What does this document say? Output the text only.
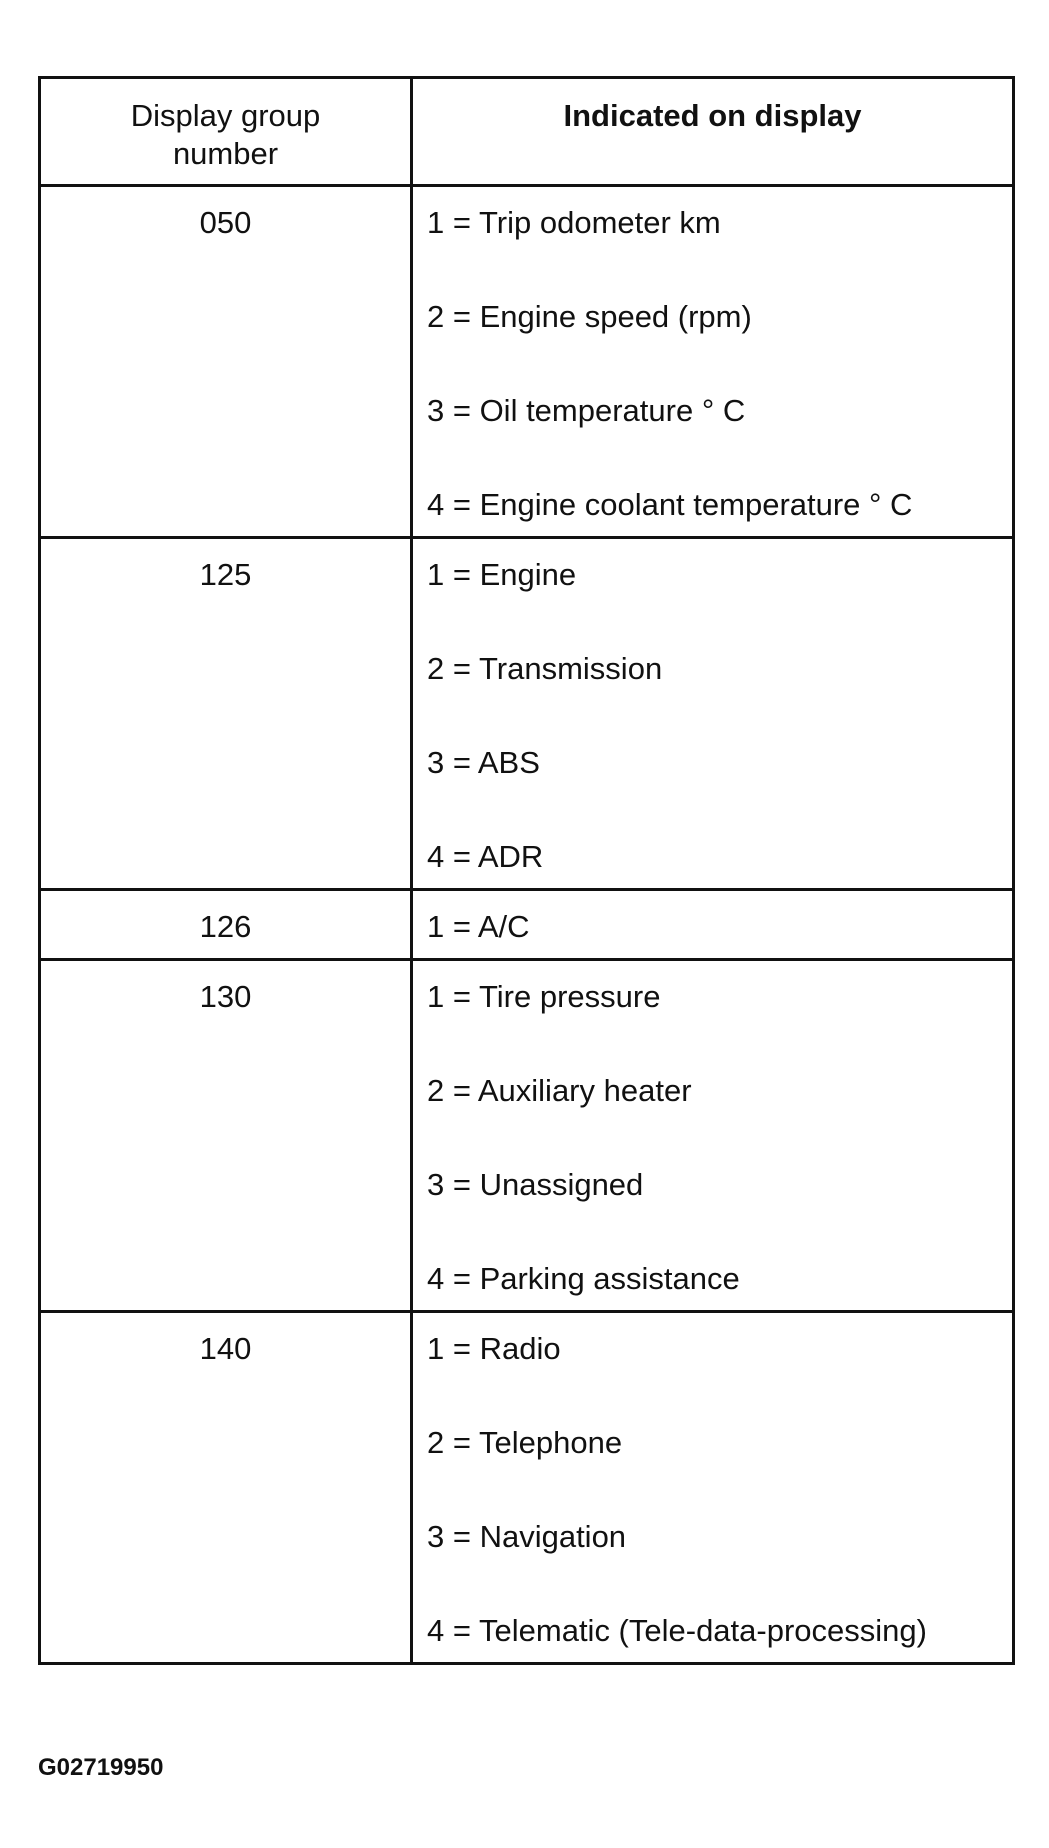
Display group
number	Indicated on display
050	1 = Trip odometer km
2 = Engine speed (rpm)
3 = Oil temperature ° C
4 = Engine coolant temperature ° C

125	1 = Engine
2 = Transmission
3 = ABS
4 = ADR

126	1 = A/C

130	1 = Tire pressure
2 = Auxiliary heater
3 = Unassigned
4 = Parking assistance

140	1 = Radio
2 = Telephone
3 = Navigation
4 = Telematic (Tele-data-processing)
G02719950
